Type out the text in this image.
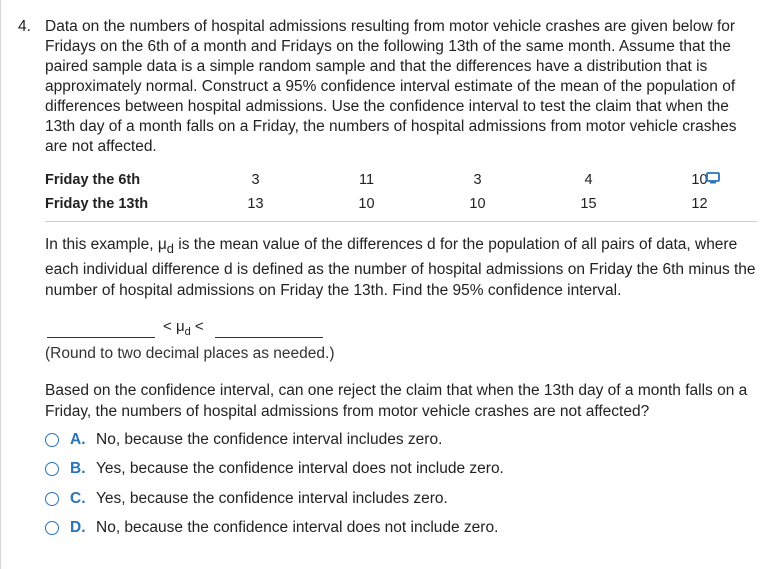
4. Data on the numbers of hospital admissions resulting from motor vehicle crashes are given below for Fridays on the 6th of a month and Fridays on the following 13th of the same month. Assume that the paired sample data is a simple random sample and that the differences have a distribution that is approximately normal. Construct a 95% confidence interval estimate of the mean of the population of differences between hospital admissions. Use the confidence interval to test the claim that when the 13th day of a month falls on a Friday, the numbers of hospital admissions from motor vehicle crashes are not affected.
Friday the 6th	3	11	3	4	10
Friday the 13th	13	10	10	15	12
In this example, $\mu_d$ is the mean value of the differences d for the population of all pairs of data, where each individual difference d is defined as the number of hospital admissions on Friday the 6th minus the number of hospital admissions on Friday the 13th. Find the 95% confidence interval.
< $\mu_d$ <
(Round to two decimal places as needed.)
Based on the confidence interval, can one reject the claim that when the 13th day of a month falls on a Friday, the numbers of hospital admissions from motor vehicle crashes are not affected?
A. No, because the confidence interval includes zero.
B. Yes, because the confidence interval does not include zero.
C. Yes, because the confidence interval includes zero.
D. No, because the confidence interval does not include zero.
